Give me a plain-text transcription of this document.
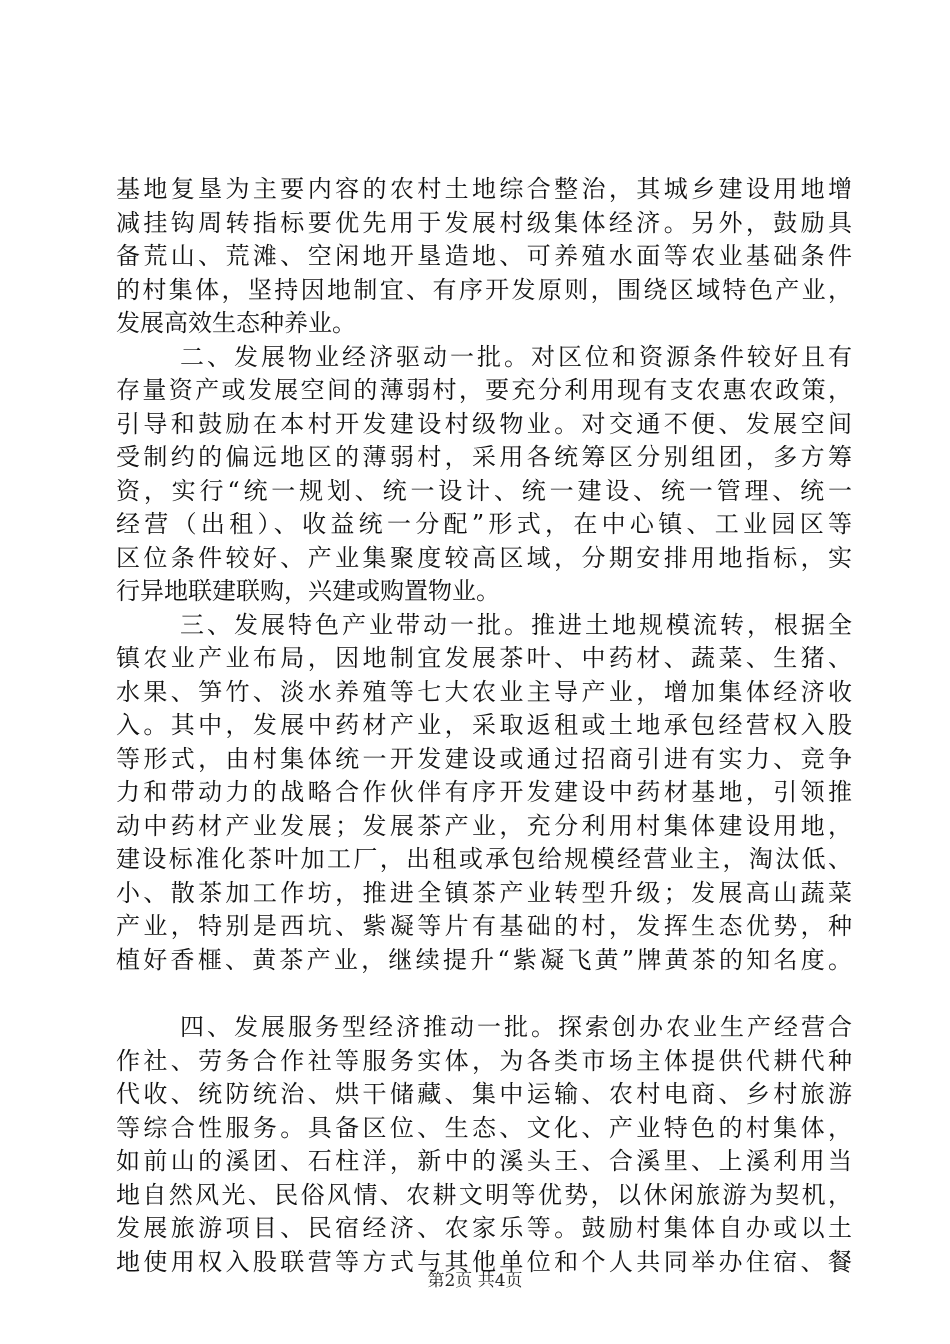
基地复垦为主要内容的农村土地综合整治，其城乡建设用地增
减挂钩周转指标要优先用于发展村级集体经济。另外，鼓励具
备荒山、荒滩、空闲地开垦造地、可养殖水面等农业基础条件
的村集体，坚持因地制宜、有序开发原则，围绕区域特色产业，
发展高效生态种养业。
二、发展物业经济驱动一批。对区位和资源条件较好且有
存量资产或发展空间的薄弱村，要充分利用现有支农惠农政策，
引导和鼓励在本村开发建设村级物业。对交通不便、发展空间
受制约的偏远地区的薄弱村，采用各统筹区分别组团，多方筹
资，实行“统一规划、统一设计、统一建设、统一管理、统一
经营（出租）、收益统一分配”形式，在中心镇、工业园区等
区位条件较好、产业集聚度较高区域，分期安排用地指标，实
行异地联建联购，兴建或购置物业。
三、发展特色产业带动一批。推进土地规模流转，根据全
镇农业产业布局，因地制宜发展茶叶、中药材、蔬菜、生猪、
水果、笋竹、淡水养殖等七大农业主导产业，增加集体经济收
入。其中，发展中药材产业，采取返租或土地承包经营权入股
等形式，由村集体统一开发建设或通过招商引进有实力、竞争
力和带动力的战略合作伙伴有序开发建设中药材基地，引领推
动中药材产业发展；发展茶产业，充分利用村集体建设用地，
建设标准化茶叶加工厂，出租或承包给规模经营业主，淘汰低、
小、散茶加工作坊，推进全镇茶产业转型升级；发展高山蔬菜
产业，特别是西坑、紫凝等片有基础的村，发挥生态优势，种
植好香榧、黄茶产业，继续提升“紫凝飞黄”牌黄茶的知名度。
四、发展服务型经济推动一批。探索创办农业生产经营合
作社、劳务合作社等服务实体，为各类市场主体提供代耕代种
代收、统防统治、烘干储藏、集中运输、农村电商、乡村旅游
等综合性服务。具备区位、生态、文化、产业特色的村集体，
如前山的溪团、石柱洋，新中的溪头王、合溪里、上溪利用当
地自然风光、民俗风情、农耕文明等优势，以休闲旅游为契机，
发展旅游项目、民宿经济、农家乐等。鼓励村集体自办或以土
地使用权入股联营等方式与其他单位和个人共同举办住宿、餐
第2页 共4页
